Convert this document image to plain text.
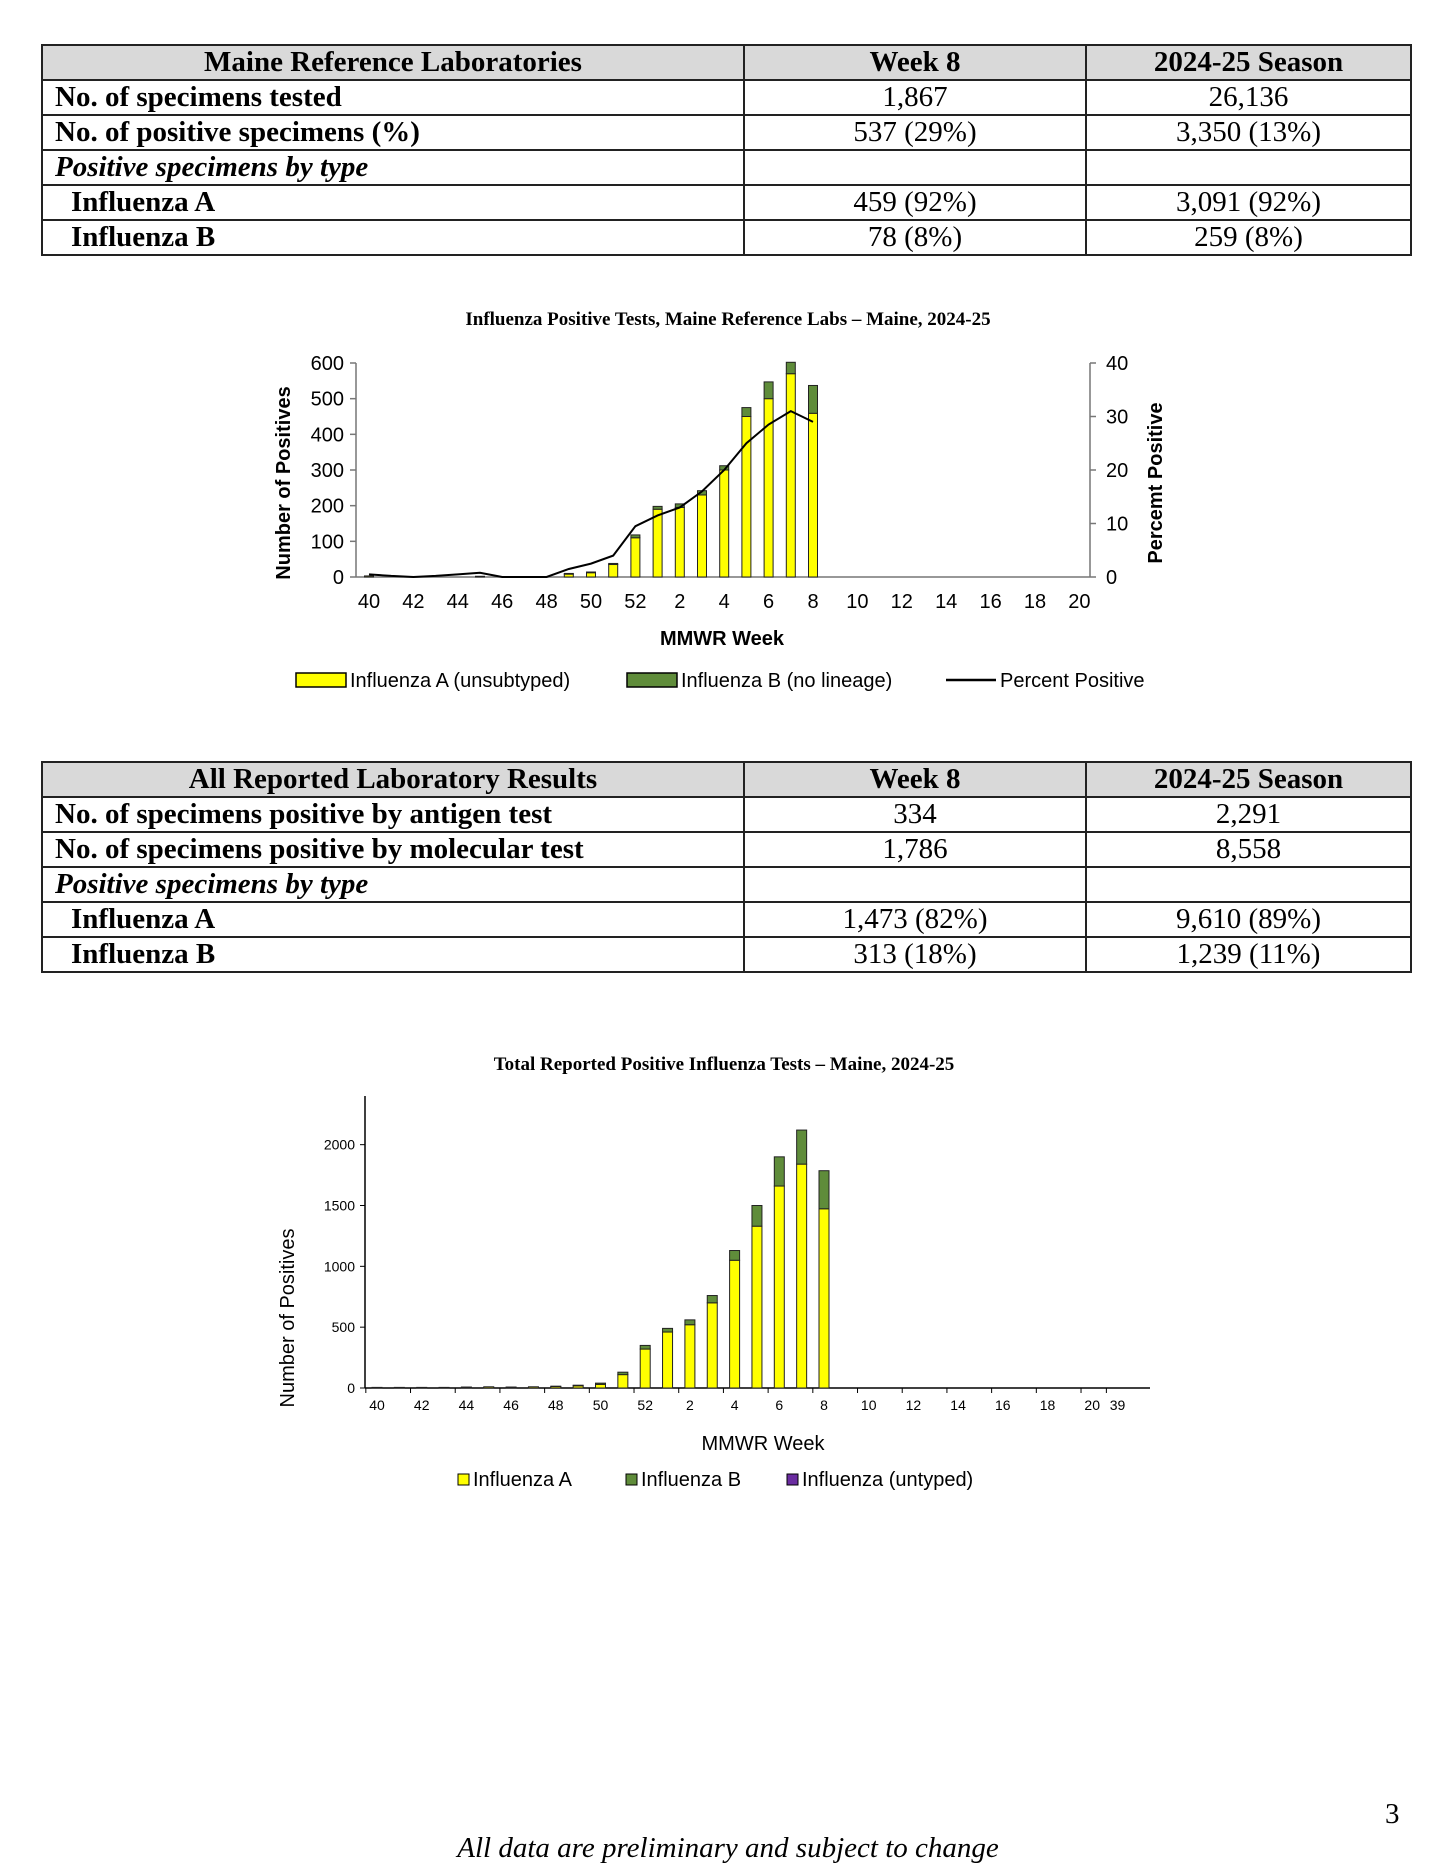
Maine Reference Laboratories	Week 8	2024-25 Season
No. of specimens tested	1,867	26,136
No. of positive specimens (%)	537 (29%)	3,350 (13%)
Positive specimens by type		
Influenza A	459 (92%)	3,091 (92%)
Influenza B	78 (8%)	259 (8%)
Influenza Positive Tests, Maine Reference Labs – Maine, 2024-25
0
100
200
300
400
500
600
0
10
20
30
40
40 42 44 46 48 50 52 2 4 6 8 10 12 14 16 18 20
Number of Positives	Percemt Positive
MMWR Week
Influenza A (unsubtyped)	Influenza B (no lineage)	Percent Positive
All Reported Laboratory Results	Week 8	2024-25 Season
No. of specimens positive by antigen test	334	2,291
No. of specimens positive by molecular test	1,786	8,558
Positive specimens by type		
Influenza A	1,473 (82%)	9,610 (89%)
Influenza B	313 (18%)	1,239 (11%)
Total Reported Positive Influenza Tests – Maine, 2024-25
0
500
1000
1500
2000
40 42 44 46 48 50 52 2	4	6	8 10 12 14 16 18 20 39
Number of Positives
MMWR Week
Influenza A	Influenza B	Influenza (untyped)
3
All data are preliminary and subject to change
